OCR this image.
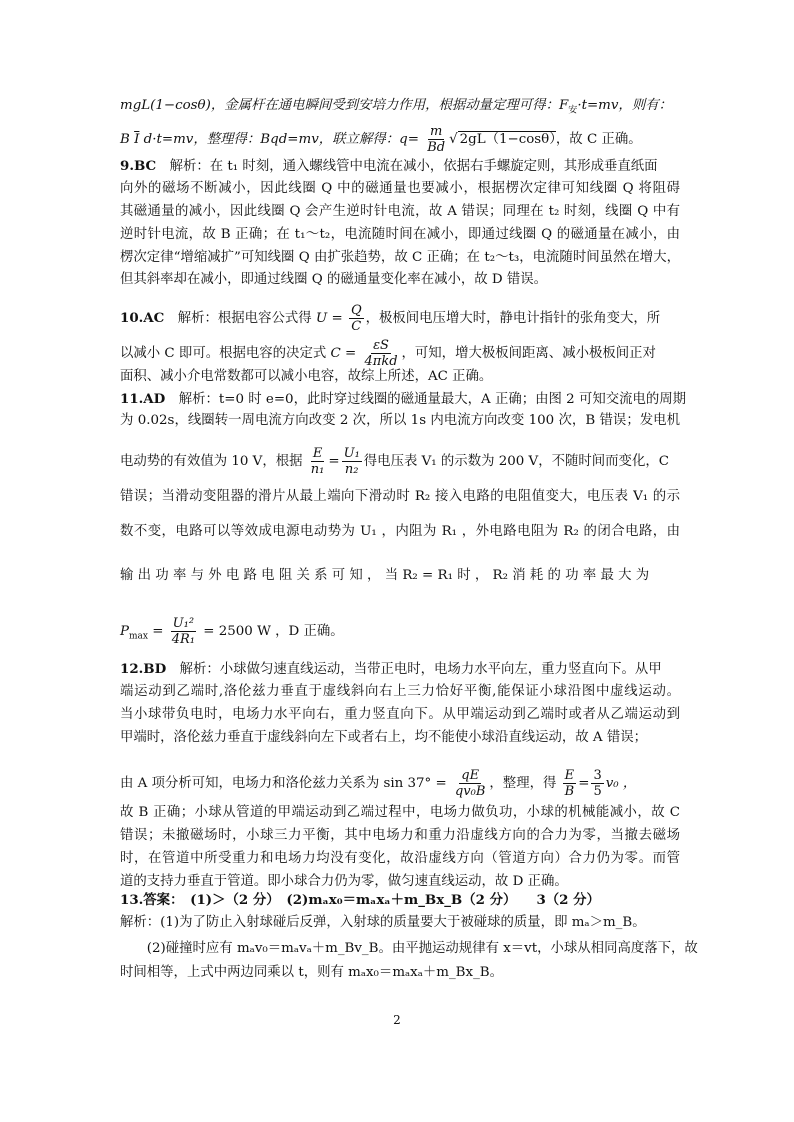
mgL(1−cosθ)，金属杆在通电瞬间受到安培力作用，根据动量定理可得：$F_安\cdot t=mv$，则有：
B $\overline{I}$ d·t=mv，整理得：Bqd=mv，联立解得：$q= \frac{m}{Bd}$ √ 2gL（1−cosθ），故 C 正确。
9.BC　解析：在 t₁ 时刻，通入螺线管中电流在减小，依据右手螺旋定则，其形成垂直纸面
向外的磁场不断减小，因此线圈 Q 中的磁通量也要减小，根据楞次定律可知线圈 Q 将阻碍
其磁通量的减小，因此线圈 Q 会产生逆时针电流，故 A 错误；同理在 t₂ 时刻，线圈 Q 中有
逆时针电流，故 B 正确；在 t₁～t₂，电流随时间在减小，即通过线圈 Q 的磁通量在减小，由
楞次定律“增缩减扩”可知线圈 Q 由扩张趋势，故 C 正确；在 t₂～t₃，电流随时间虽然在增大，
但其斜率却在减小，即通过线圈 Q 的磁通量变化率在减小，故 D 错误。
10.AC　解析：根据电容公式得 $U = \frac{Q}{C}$ ，极板间电压增大时，静电计指针的张角变大，所
以减小 C 即可。根据电容的决定式 $C = \frac{\varepsilon S}{\text{4πkd}}$ ，可知，增大极板间距离、减小极板间正对
面积、减小介电常数都可以减小电容，故综上所述，AC 正确。
11.AD　解析：t=0 时 e=0，此时穿过线圈的磁通量最大，A 正确；由图 2 可知交流电的周期
为 0.02s，线圈转一周电流方向改变 2 次，所以 1s 内电流方向改变 100 次，B 错误；发电机
电动势的有效值为 10 V，根据 $\frac{E}{\text{n₁}} = \frac{\text{U₁}}{\text{n₂}}$ 得电压表 V₁ 的示数为 200 V，不随时间而变化，C
错误；当滑动变阻器的滑片从最上端向下滑动时 R₂ 接入电路的电阻值变大，电压表 V₁ 的示
数不变，电路可以等效成电源电动势为 U₁ ，内阻为 R₁ ，外电路电阻为 R₂ 的闭合电路，由
输 出 功 率 与 外 电 路 电 阻 关 系 可 知 ， 当 R₂ = R₁ 时 ， R₂ 消 耗 的 功 率 最 大 为
$P_{max} = \frac{\text{U₁²}}{\text{4R₁}} = 2500$ W ，D 正确。
12.BD　解析：小球做匀速直线运动，当带正电时，电场力水平向左，重力竖直向下。从甲
端运动到乙端时,洛伦兹力垂直于虚线斜向右上三力恰好平衡,能保证小球沿图中虚线运动。
当小球带负电时，电场力水平向右，重力竖直向下。从甲端运动到乙端时或者从乙端运动到
甲端时，洛伦兹力垂直于虚线斜向左下或者右上，均不能使小球沿直线运动，故 A 错误；
由 A 项分析可知，电场力和洛伦兹力关系为 $\sin 37^\circ = \frac{qE}{\text{qv₀B}}$ ，整理，得 $\frac{E}{B} = \frac{3}{5} v_0$ ，
故 B 正确；小球从管道的甲端运动到乙端过程中，电场力做负功，小球的机械能减小，故 C
错误；未撤磁场时，小球三力平衡，其中电场力和重力沿虚线方向的合力为零，当撤去磁场
时，在管道中所受重力和电场力均没有变化，故沿虚线方向（管道方向）合力仍为零。而管
道的支持力垂直于管道。即小球合力仍为零，做匀速直线运动，故 D 正确。
13.答案：　(1)＞（2 分）　(2)mₐx₀＝mₐxₐ＋m_Bx_B（2 分）　　3（2 分）
解析：(1)为了防止入射球碰后反弹，入射球的质量要大于被碰球的质量，即 mₐ＞m_B。
　　(2)碰撞时应有 mₐv₀＝mₐvₐ＋m_Bv_B。由平抛运动规律有 x＝vt，小球从相同高度落下，故
时间相等，上式中两边同乘以 t，则有 mₐx₀＝mₐxₐ＋m_Bx_B。
2
